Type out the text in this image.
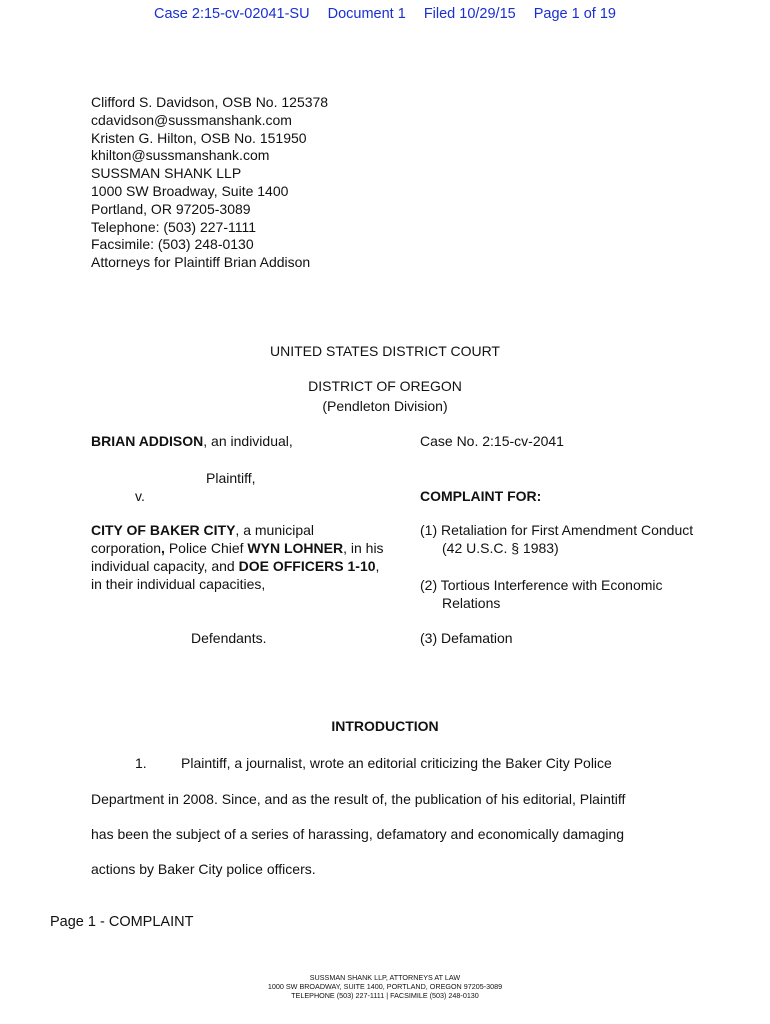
Case 2:15-cv-02041-SU Document 1 Filed 10/29/15 Page 1 of 19
Clifford S. Davidson, OSB No. 125378
cdavidson@sussmanshank.com
Kristen G. Hilton, OSB No. 151950
khilton@sussmanshank.com
SUSSMAN SHANK LLP
1000 SW Broadway, Suite 1400
Portland, OR 97205-3089
Telephone: (503) 227-1111
Facsimile: (503) 248-0130
Attorneys for Plaintiff Brian Addison
UNITED STATES DISTRICT COURT
DISTRICT OF OREGON
(Pendleton Division)
BRIAN ADDISON, an individual,
Plaintiff,
v.
CITY OF BAKER CITY, a municipal corporation, Police Chief WYN LOHNER, in his individual capacity, and DOE OFFICERS 1-10, in their individual capacities,
Defendants.
Case No. 2:15-cv-2041
COMPLAINT FOR:
(1) Retaliation for First Amendment Conduct (42 U.S.C. § 1983)
(2) Tortious Interference with Economic Relations
(3) Defamation
INTRODUCTION
1. Plaintiff, a journalist, wrote an editorial criticizing the Baker City Police
Department in 2008. Since, and as the result of, the publication of his editorial, Plaintiff
has been the subject of a series of harassing, defamatory and economically damaging
actions by Baker City police officers.
Page 1 - COMPLAINT
SUSSMAN SHANK LLP, ATTORNEYS AT LAW
1000 SW BROADWAY, SUITE 1400, PORTLAND, OREGON 97205-3089
TELEPHONE (503) 227-1111 | FACSIMILE (503) 248-0130
